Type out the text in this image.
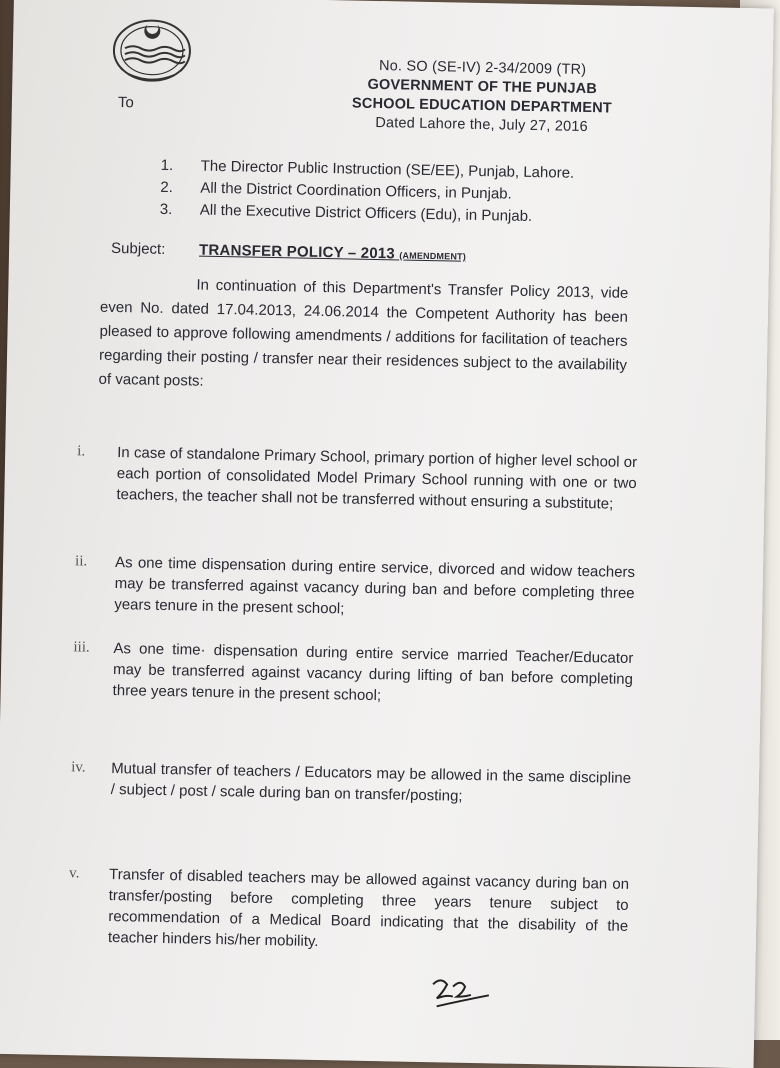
No. SO (SE-IV) 2-34/2009 (TR)
GOVERNMENT OF THE PUNJAB
SCHOOL EDUCATION DEPARTMENT
Dated Lahore the, July 27, 2016
To
1.	The Director Public Instruction (SE/EE), Punjab, Lahore.
2.	All the District Coordination Officers, in Punjab.
3.	All the Executive District Officers (Edu), in Punjab.
Subject: TRANSFER POLICY – 2013 (AMENDMENT)
In continuation of this Department's Transfer Policy 2013, vide even No. dated 17.04.2013, 24.06.2014 the Competent Authority has been pleased to approve following amendments / additions for facilitation of teachers regarding their posting / transfer near their residences subject to the availability of vacant posts:
i.	In case of standalone Primary School, primary portion of higher level school or each portion of consolidated Model Primary School running with one or two teachers, the teacher shall not be transferred without ensuring a substitute;
ii.	As one time dispensation during entire service, divorced and widow teachers may be transferred against vacancy during ban and before completing three years tenure in the present school;
iii.	As one time· dispensation during entire service married Teacher/Educator may be transferred against vacancy during lifting of ban before completing three years tenure in the present school;
iv.	Mutual transfer of teachers / Educators may be allowed in the same discipline / subject / post / scale during ban on transfer/posting;
v.	Transfer of disabled teachers may be allowed against vacancy during ban on transfer/posting before completing three years tenure subject to recommendation of a Medical Board indicating that the disability of the teacher hinders his/her mobility.
